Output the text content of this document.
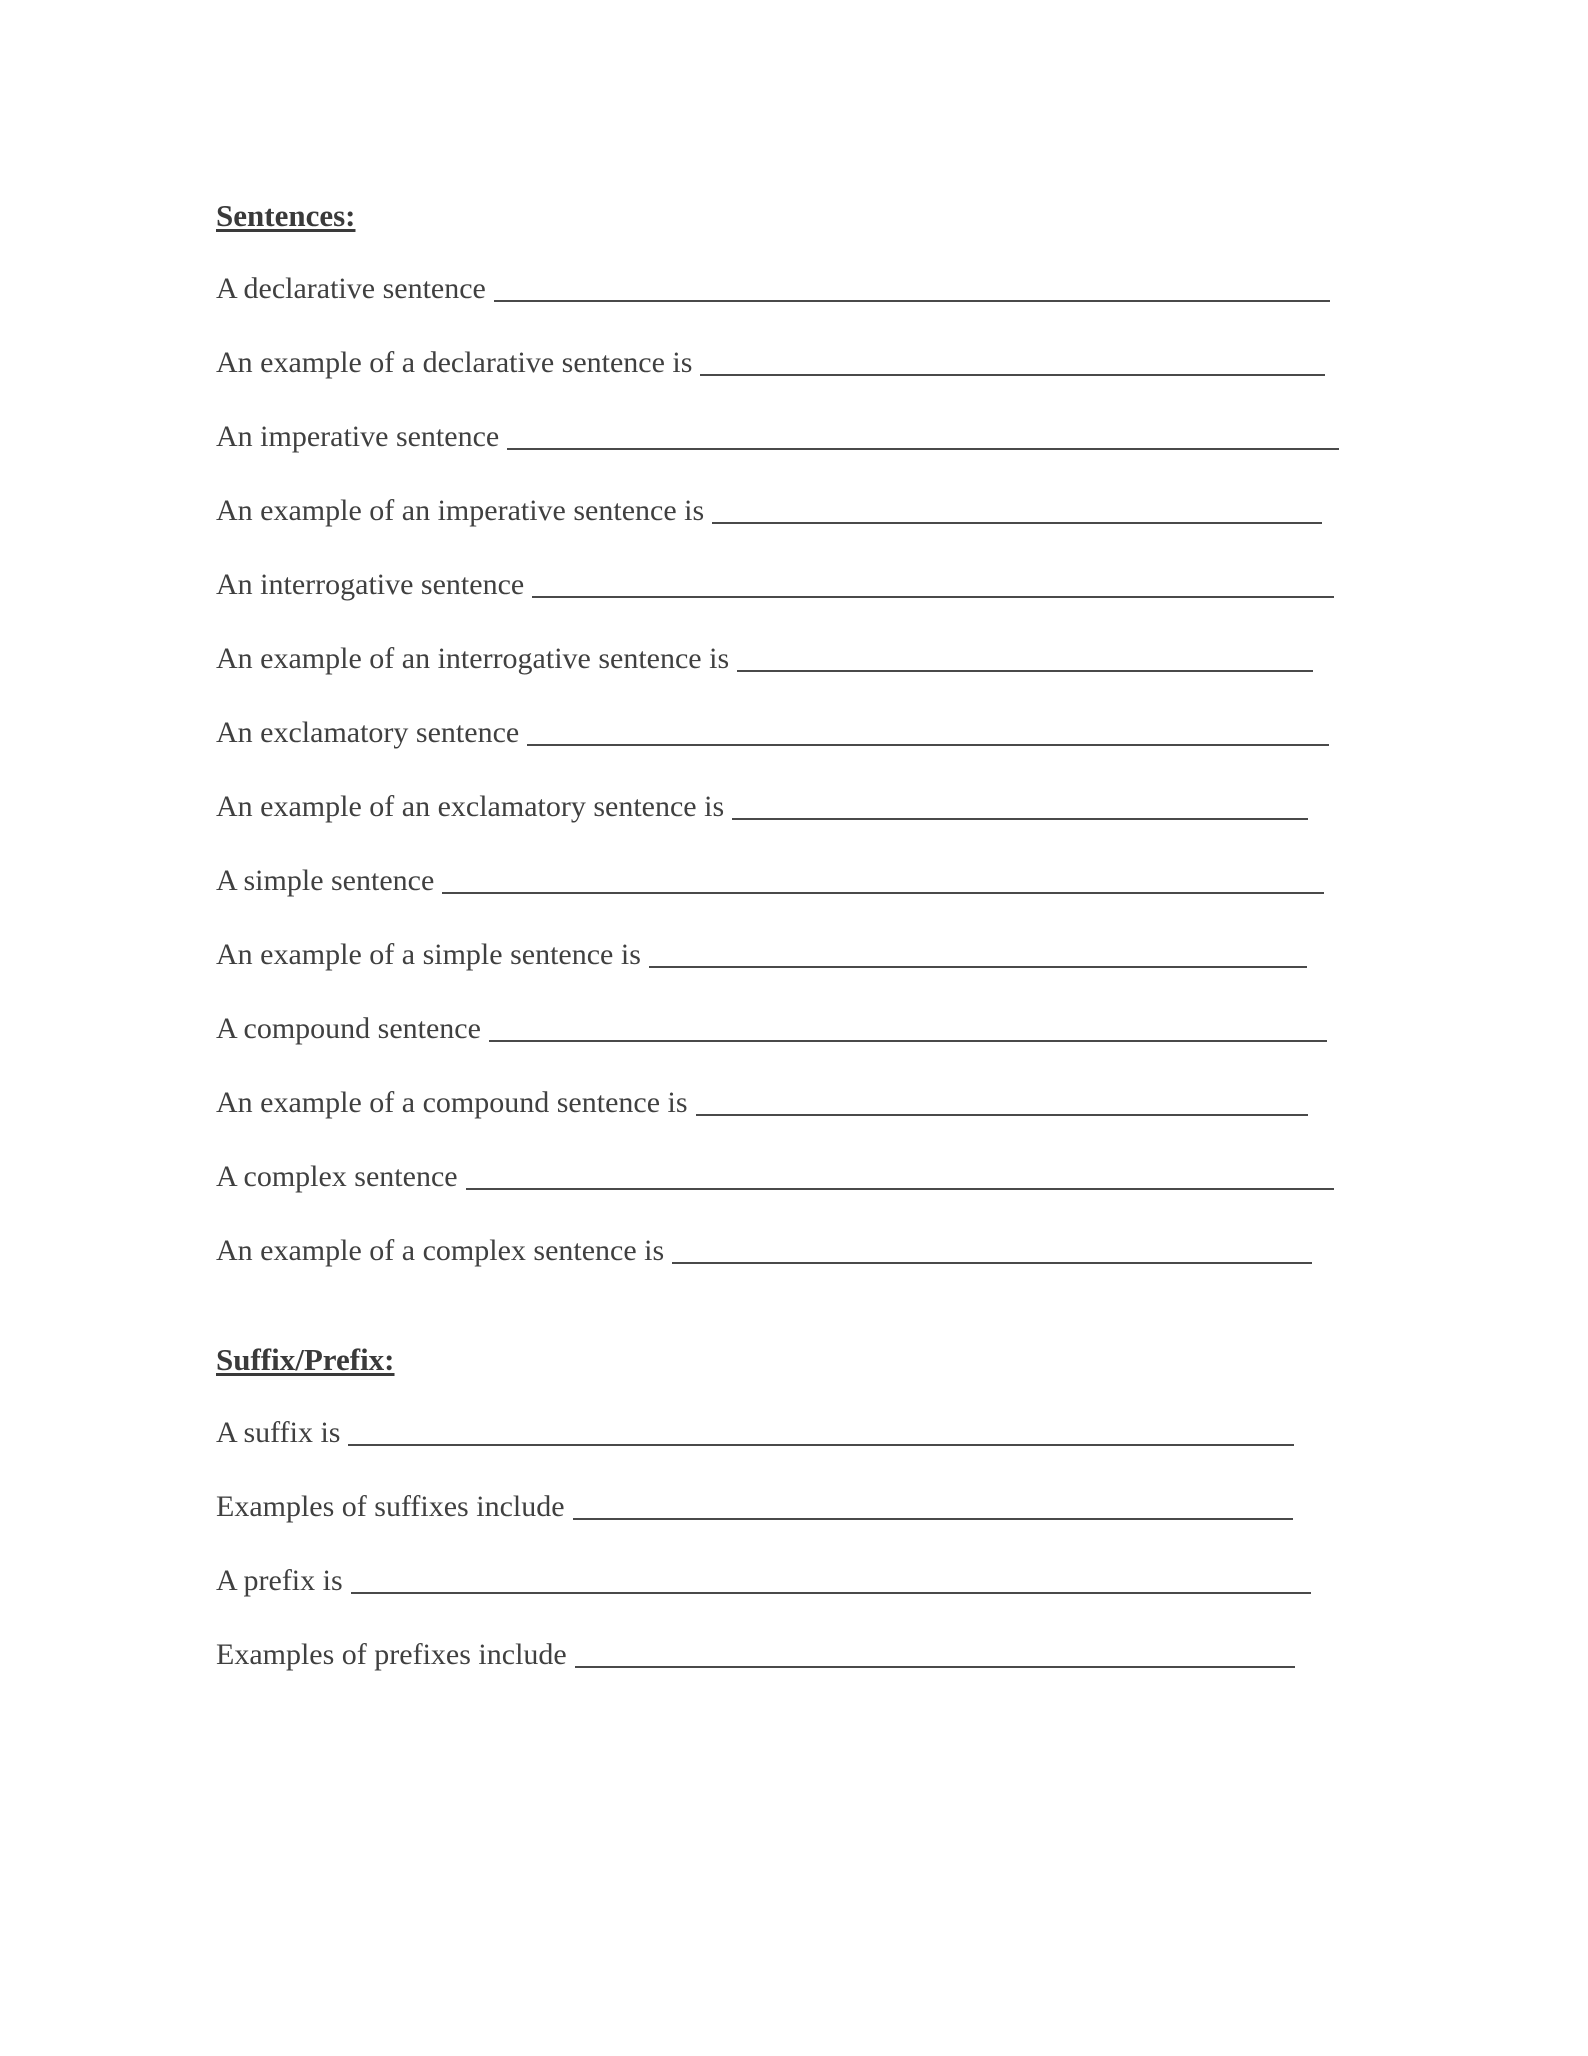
Sentences:
A declarative sentence
An example of a declarative sentence is
An imperative sentence
An example of an imperative sentence is
An interrogative sentence
An example of an interrogative sentence is
An exclamatory sentence
An example of an exclamatory sentence is
A simple sentence
An example of a simple sentence is
A compound sentence
An example of a compound sentence is
A complex sentence
An example of a complex sentence is
Suffix/Prefix:
A suffix is
Examples of suffixes include
A prefix is
Examples of prefixes include
